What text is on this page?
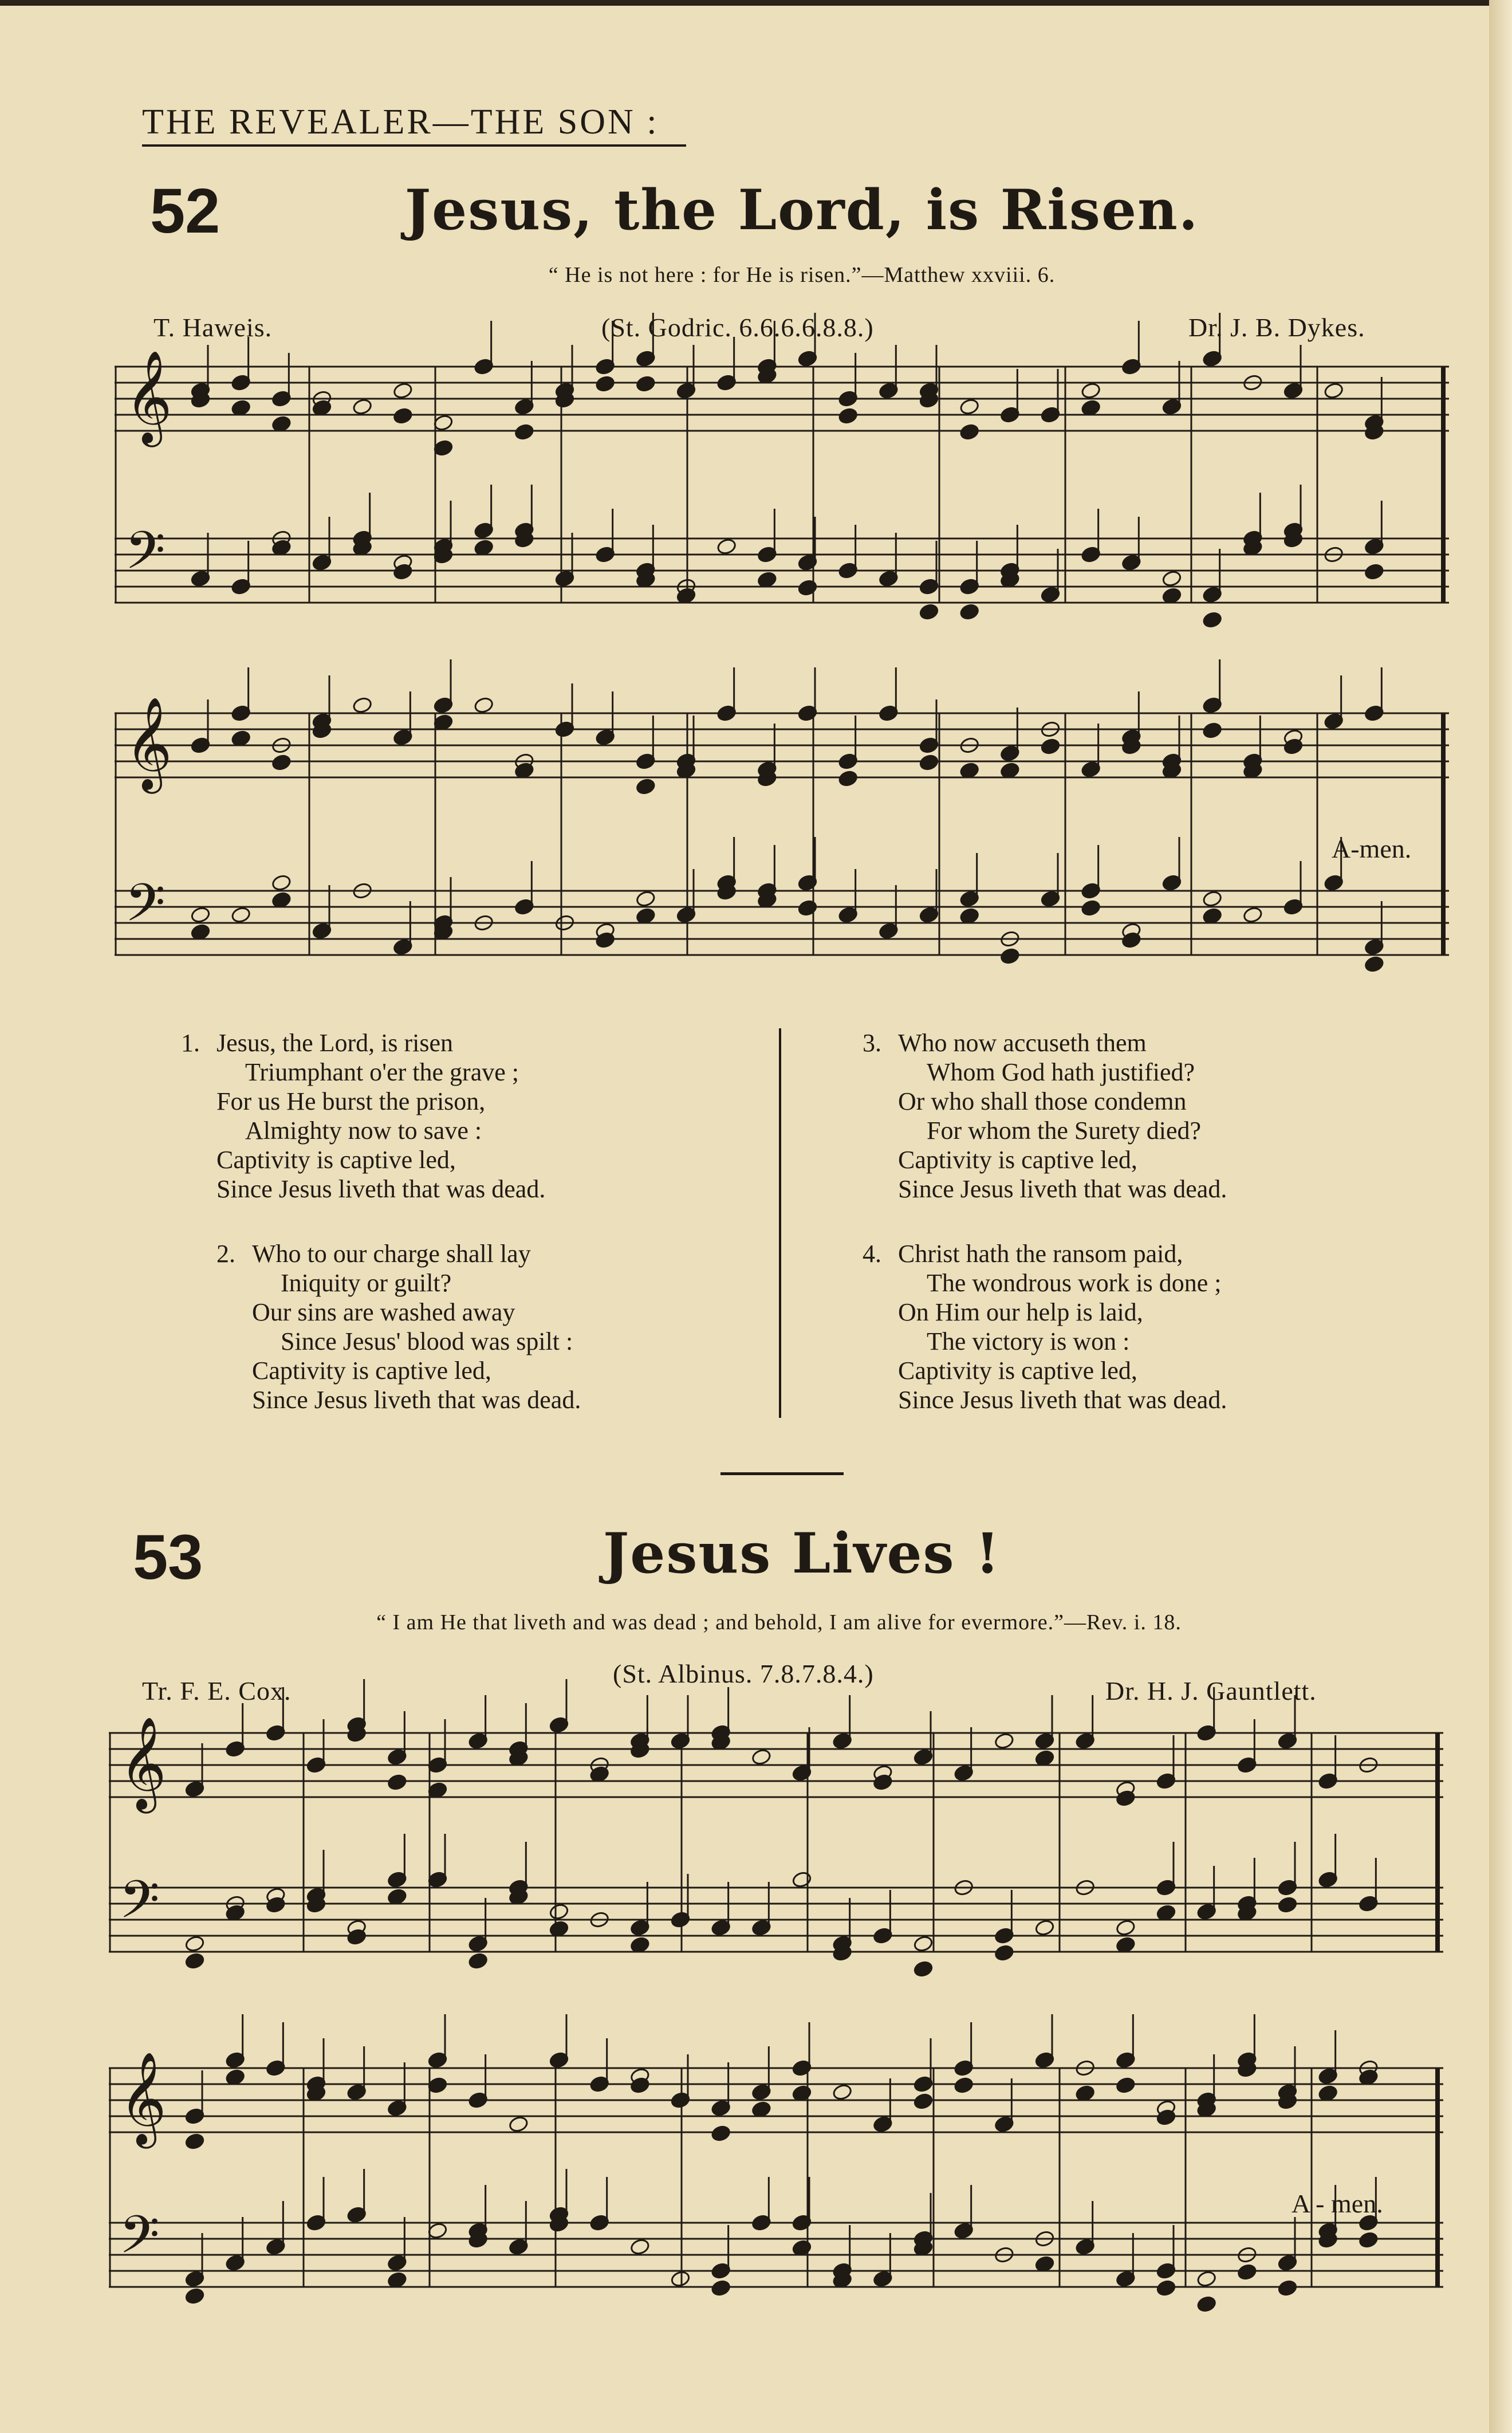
THE REVEALER—THE SON :
52	Jesus, the Lord, is Risen.
“ He is not here : for He is risen.”—Matthew xxviii. 6.
T. Haweis.	(St. Godric. 6.6.6.6.8.8.)	Dr. J. B. Dykes.
𝄞
𝄢
𝄞
𝄢
A-men.
1. Jesus, the Lord, is risen
Triumphant o'er the grave ;
For us He burst the prison,
Almighty now to save :
Captivity is captive led,
Since Jesus liveth that was dead.
2. Who to our charge shall lay
Iniquity or guilt?
Our sins are washed away
Since Jesus' blood was spilt :
Captivity is captive led,
Since Jesus liveth that was dead.
3. Who now accuseth them
Whom God hath justified?
Or who shall those condemn
For whom the Surety died?
Captivity is captive led,
Since Jesus liveth that was dead.
4. Christ hath the ransom paid,
The wondrous work is done ;
On Him our help is laid,
The victory is won :
Captivity is captive led,
Since Jesus liveth that was dead.
53	Jesus Lives !
“ I am He that liveth and was dead ; and behold, I am alive for evermore.”—Rev. i. 18.
Tr. F. E. Cox.
(St. Albinus. 7.8.7.8.4.)
Dr. H. J. Gauntlett.
𝄞
𝄢
𝄞
𝄢
A - men.
